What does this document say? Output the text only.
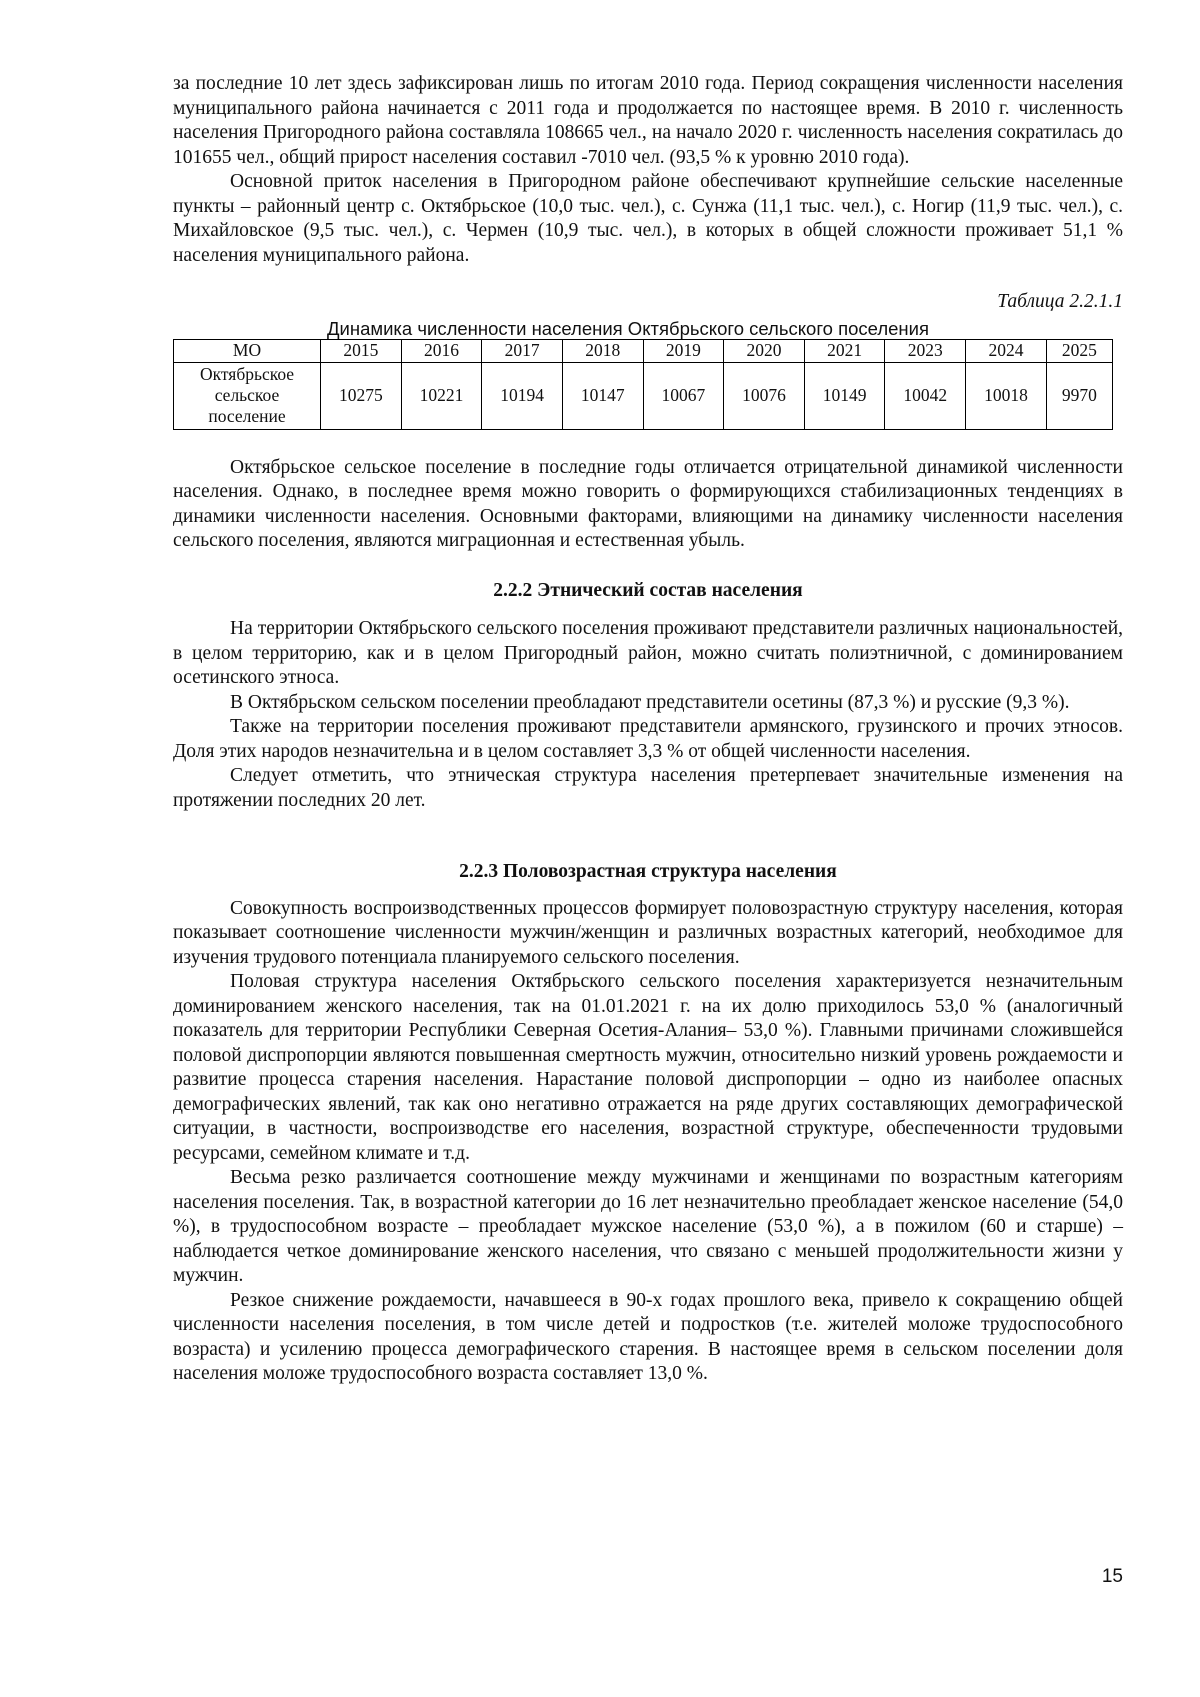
за последние 10 лет здесь зафиксирован лишь по итогам 2010 года. Период сокращения численности населения муниципального района начинается с 2011 года и продолжается по настоящее время. В 2010 г. численность населения Пригородного района составляла 108665 чел., на начало 2020 г. численность населения сократилась до 101655 чел., общий прирост населения составил -7010 чел. (93,5 % к уровню 2010 года).

Основной приток населения в Пригородном районе обеспечивают крупнейшие сельские населенные пункты – районный центр с. Октябрьское (10,0 тыс. чел.), с. Сунжа (11,1 тыс. чел.), с. Ногир (11,9 тыс. чел.), с. Михайловское (9,5 тыс. чел.), с. Чермен (10,9 тыс. чел.), в которых в общей сложности проживает 51,1 % населения муниципального района.

Таблица 2.2.1.1

Динамика численности населения Октябрьского сельского поселения
МО	2015	2016	2017	2018	2019	2020	2021	2023	2024	2025
Октябрьское сельское поселение	10275	10221	10194	10147	10067	10076	10149	10042	10018	9970

Октябрьское сельское поселение в последние годы отличается отрицательной динамикой численности населения. Однако, в последнее время можно говорить о формирующихся стабилизационных тенденциях в динамики численности населения. Основными факторами, влияющими на динамику численности населения сельского поселения, являются миграционная и естественная убыль.

2.2.2 Этнический состав населения

На территории Октябрьского сельского поселения проживают представители различных национальностей, в целом территорию, как и в целом Пригородный район, можно считать полиэтничной, с доминированием осетинского этноса.

В Октябрьском сельском поселении преобладают представители осетины (87,3 %) и русские (9,3 %).

Также на территории поселения проживают представители армянского, грузинского и прочих этносов. Доля этих народов незначительна и в целом составляет 3,3 % от общей численности населения.

Следует отметить, что этническая структура населения претерпевает значительные изменения на протяжении последних 20 лет.

2.2.3 Половозрастная структура населения

Совокупность воспроизводственных процессов формирует половозрастную структуру населения, которая показывает соотношение численности мужчин/женщин и различных возрастных категорий, необходимое для изучения трудового потенциала планируемого сельского поселения.

Половая структура населения Октябрьского сельского поселения характеризуется незначительным доминированием женского населения, так на 01.01.2021 г. на их долю приходилось 53,0 % (аналогичный показатель для территории Республики Северная Осетия-Алания– 53,0 %). Главными причинами сложившейся половой диспропорции являются повышенная смертность мужчин, относительно низкий уровень рождаемости и развитие процесса старения населения. Нарастание половой диспропорции – одно из наиболее опасных демографических явлений, так как оно негативно отражается на ряде других составляющих демографической ситуации, в частности, воспроизводстве его населения, возрастной структуре, обеспеченности трудовыми ресурсами, семейном климате и т.д.

Весьма резко различается соотношение между мужчинами и женщинами по возрастным категориям населения поселения. Так, в возрастной категории до 16 лет незначительно преобладает женское население (54,0 %), в трудоспособном возрасте – преобладает мужское население (53,0 %), а в пожилом (60 и старше) – наблюдается четкое доминирование женского населения, что связано с меньшей продолжительности жизни у мужчин.

Резкое снижение рождаемости, начавшееся в 90-х годах прошлого века, привело к сокращению общей численности населения поселения, в том числе детей и подростков (т.е. жителей моложе трудоспособного возраста) и усилению процесса демографического старения. В настоящее время в сельском поселении доля населения моложе трудоспособного возраста составляет 13,0 %.

15
